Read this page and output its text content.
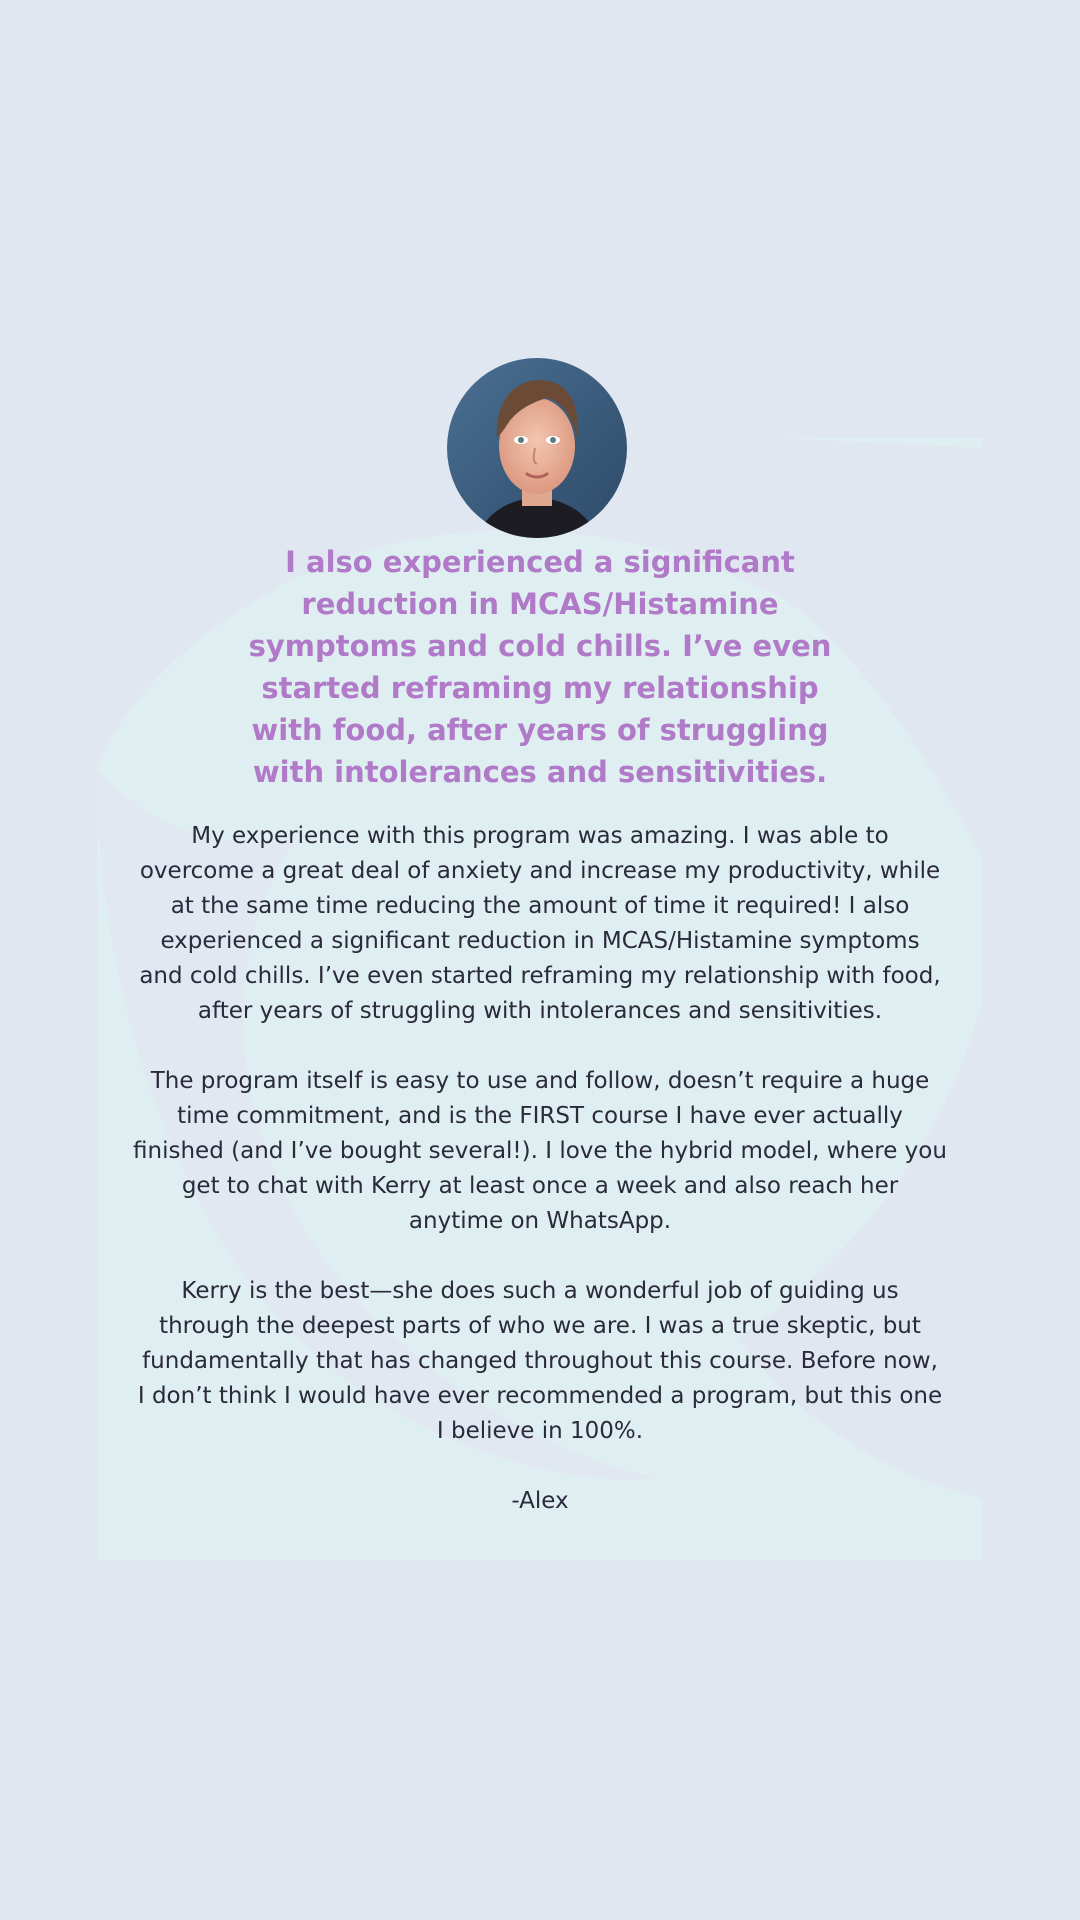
I also experienced a significant
reduction in MCAS/Histamine
symptoms and cold chills. I’ve even
started reframing my relationship
with food, after years of struggling
with intolerances and sensitivities.

My experience with this program was amazing. I was able to
overcome a great deal of anxiety and increase my productivity, while
at the same time reducing the amount of time it required! I also
experienced a significant reduction in MCAS/Histamine symptoms
and cold chills. I’ve even started reframing my relationship with food,
after years of struggling with intolerances and sensitivities.

The program itself is easy to use and follow, doesn’t require a huge
time commitment, and is the FIRST course I have ever actually
finished (and I’ve bought several!). I love the hybrid model, where you
get to chat with Kerry at least once a week and also reach her
anytime on WhatsApp.

Kerry is the best—she does such a wonderful job of guiding us
through the deepest parts of who we are. I was a true skeptic, but
fundamentally that has changed throughout this course. Before now,
I don’t think I would have ever recommended a program, but this one
I believe in 100%.

-Alex
